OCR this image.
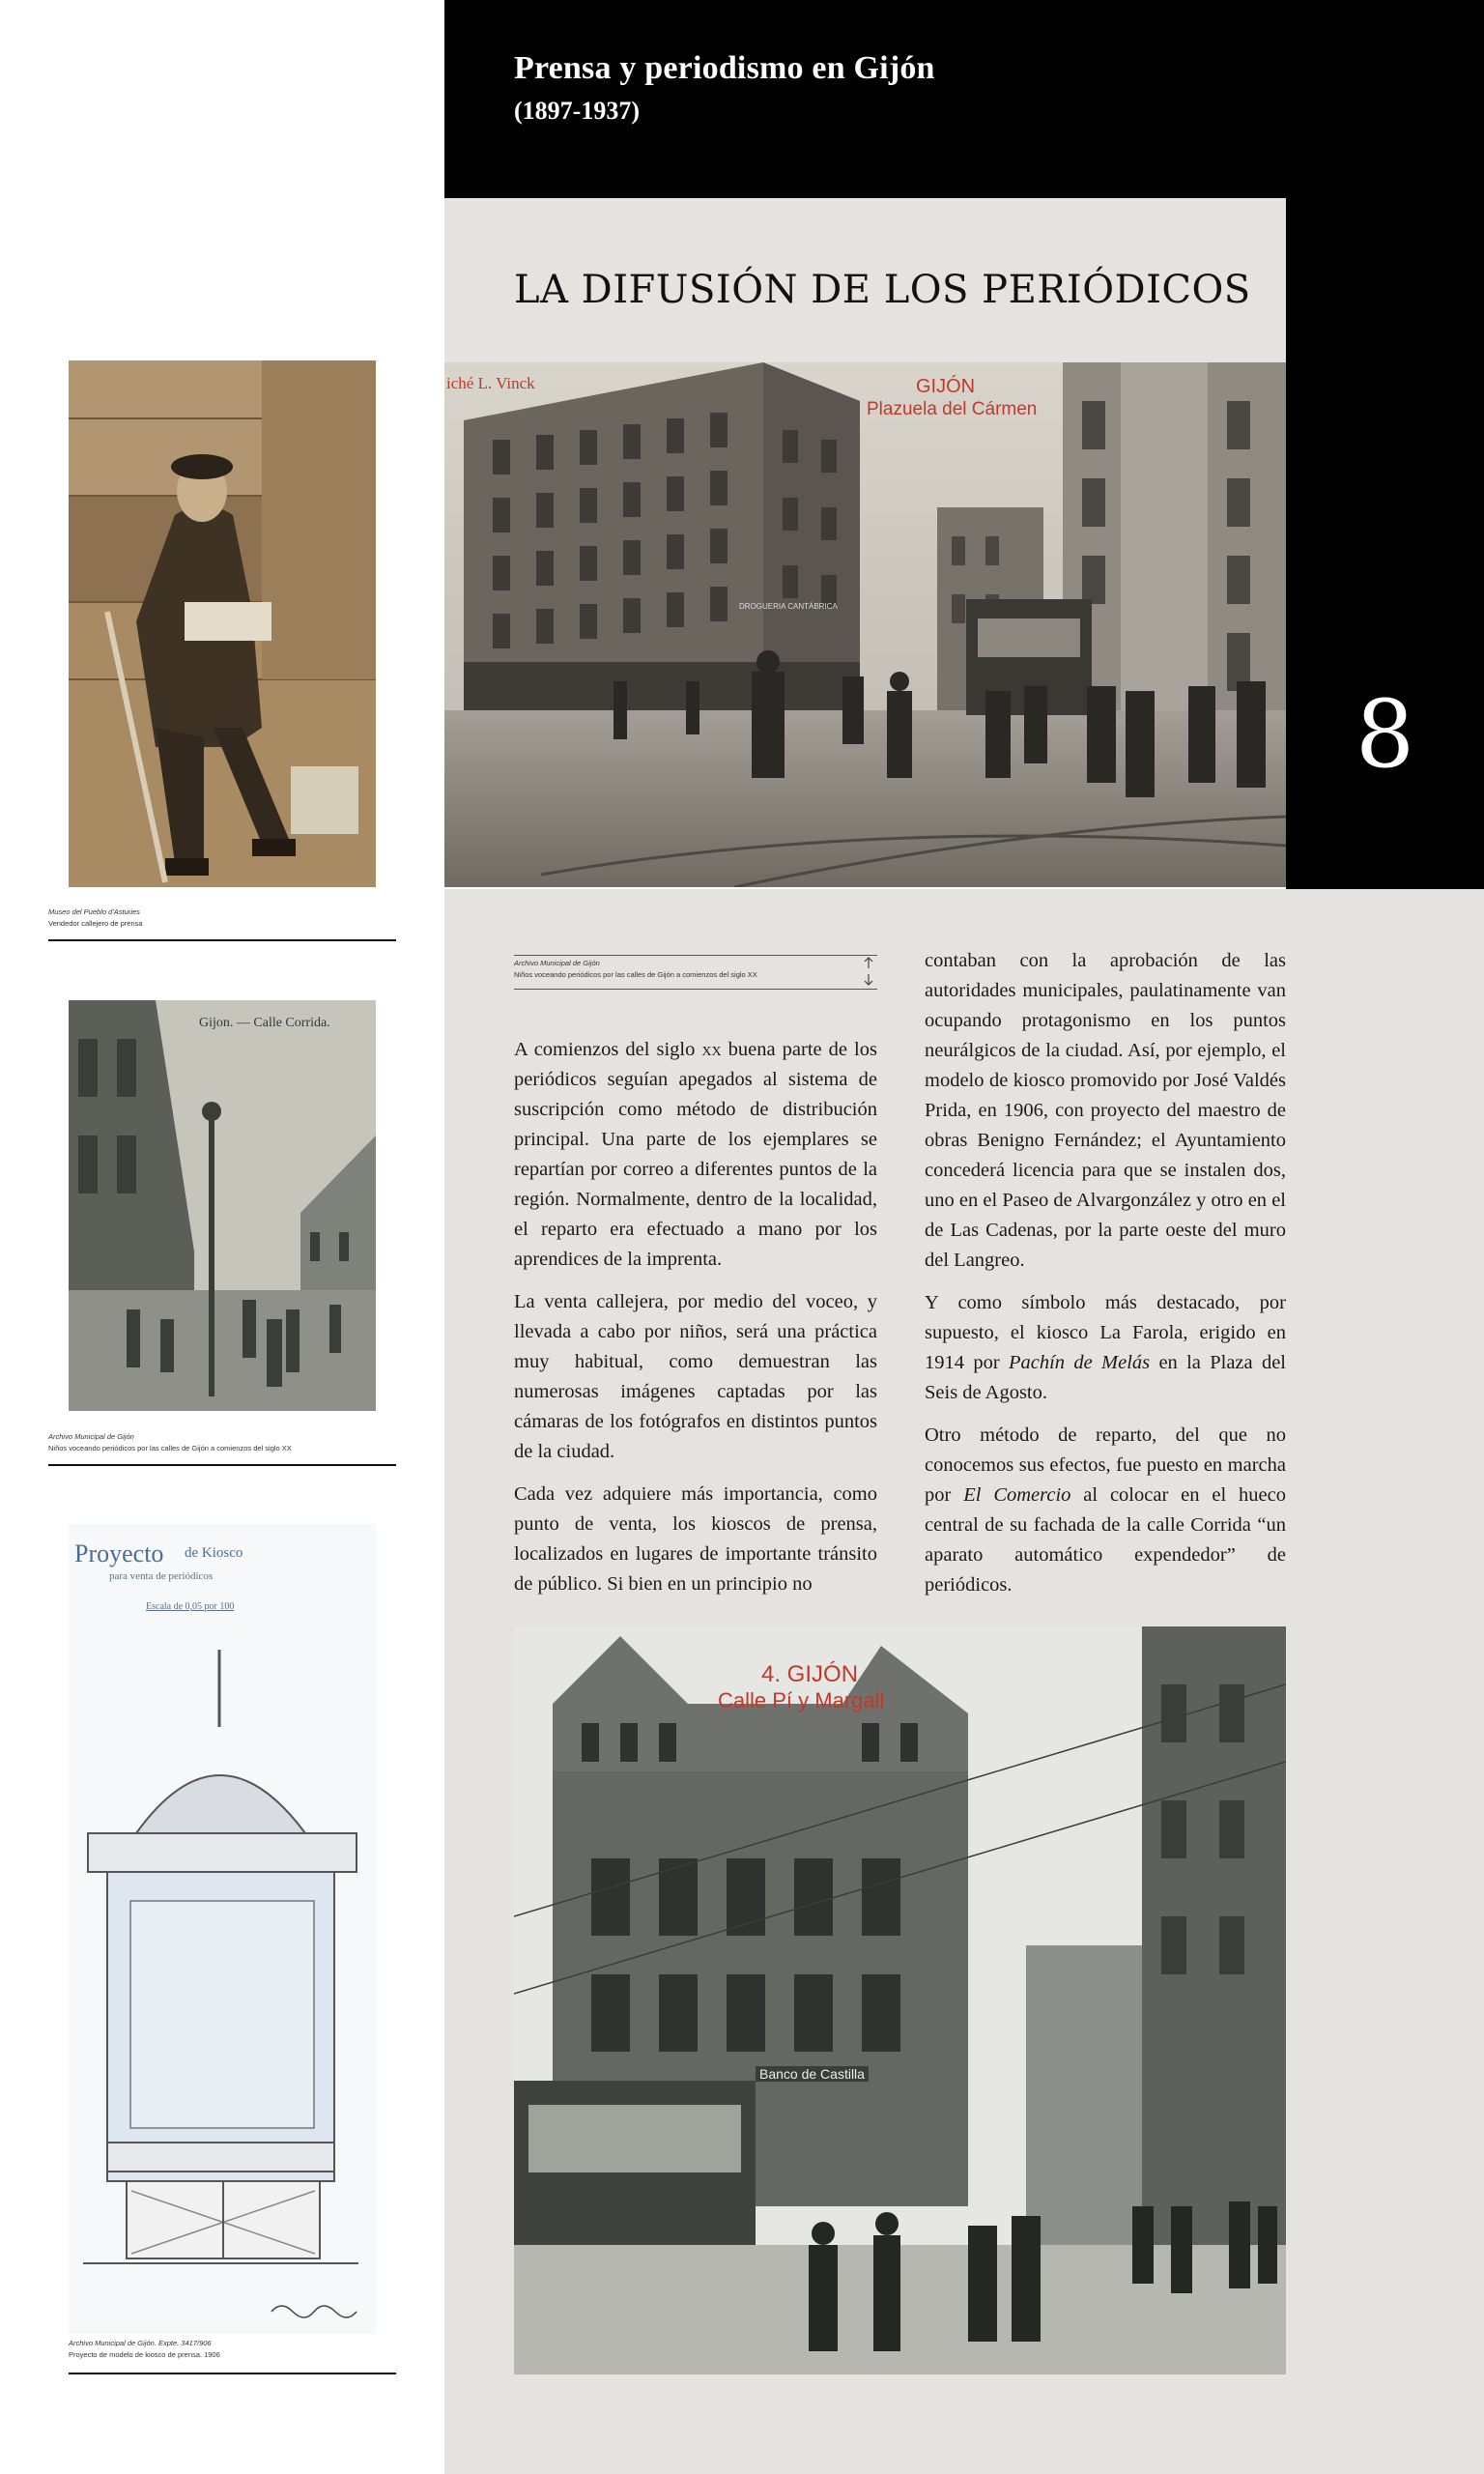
Prensa y periodismo en Gijón
(1897-1937)
LA DIFUSIÓN DE LOS PERIÓDICOS
8
iché L. Vinck	GIJÓN
Plazuela del Cármen
DROGUERIA CANTÁBRICA
Museo del Pueblo d'Asturies
Vendedor callejero de prensa
Gijon. — Calle Corrida.
Archivo Municipal de Gijón
Niños voceando periódicos por las calles de Gijón a comienzos del siglo XX
Proyecto de Kiosco
para venta de periódicos
Escala de 0,05 por 100
Archivo Municipal de Gijón. Expte. 3417/906
Proyecto de modelo de kiosco de prensa. 1906
Archivo Municipal de Gijón
Niños voceando periódicos por las calles de Gijón a comienzos del siglo XX

A comienzos del siglo xx buena parte de los periódicos seguían apegados al sistema de suscripción como método de distribución principal. Una parte de los ejemplares se repartían por correo a diferentes puntos de la región. Normalmente, dentro de la localidad, el reparto era efectuado a mano por los aprendices de la imprenta.

La venta callejera, por medio del voceo, y llevada a cabo por niños, será una práctica muy habitual, como demuestran las numerosas imágenes captadas por las cámaras de los fotógrafos en distintos puntos de la ciudad.

Cada vez adquiere más importancia, como punto de venta, los kioscos de prensa, localizados en lugares de importante tránsito de público. Si bien en un principio no

contaban con la aprobación de las autoridades municipales, paulatinamente van ocupando protagonismo en los puntos neurálgicos de la ciudad. Así, por ejemplo, el modelo de kiosco promovido por José Valdés Prida, en 1906, con proyecto del maestro de obras Benigno Fernández; el Ayuntamiento concederá licencia para que se instalen dos, uno en el Paseo de Alvargonzález y otro en el de Las Cadenas, por la parte oeste del muro del Langreo.

Y como símbolo más destacado, por supuesto, el kiosco La Farola, erigido en 1914 por Pachín de Melás en la Plaza del Seis de Agosto.

Otro método de reparto, del que no conocemos sus efectos, fue puesto en marcha por El Comercio al colocar en el hueco central de su fachada de la calle Corrida “un aparato automático expendedor” de periódicos.

4. GIJÓN
Calle Pí y Margall
Banco de Castilla
